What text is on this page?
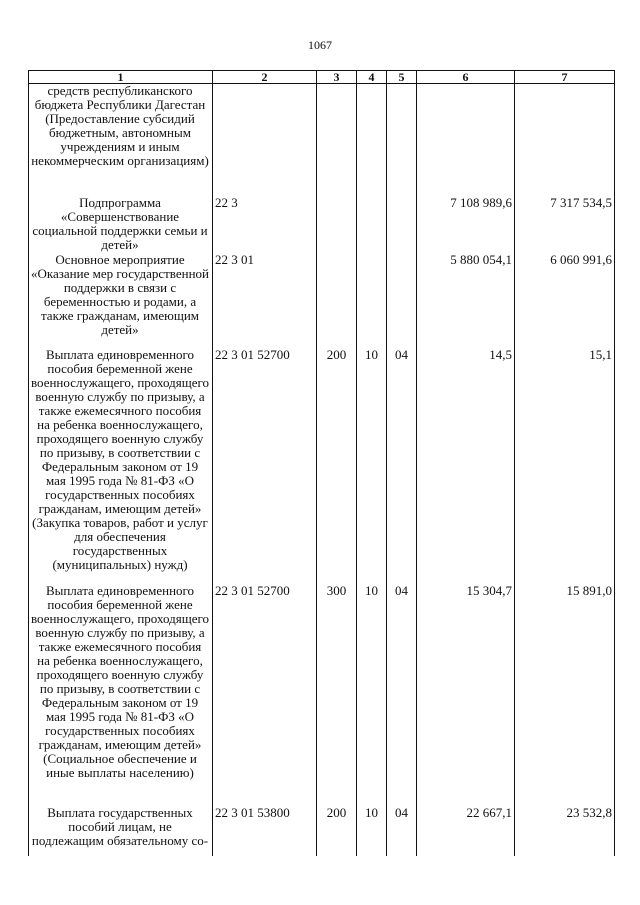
1067
1	2	3	4	5	6	7
средств республиканского бюджета Республики Дагестан (Предоставление субсидий бюджетным, автономным учреждениям и иным некоммерческим организациям)						
Подпрограмма «Совершенствование социальной поддержки семьи и детей»	22 3				7 108 989,6	7 317 534,5
Основное мероприятие «Оказание мер государственной поддержки в связи с беременностью и родами, а также гражданам, имеющим детей»	22 3 01				5 880 054,1	6 060 991,6
Выплата единовременного пособия беременной жене военнослужащего, проходящего военную службу по призыву, а также ежемесячного пособия на ребенка военнослужащего, проходящего военную службу по призыву, в соответствии с Федеральным законом от 19 мая 1995 года № 81-ФЗ «О государственных пособиях гражданам, имеющим детей» (Закупка товаров, работ и услуг для обеспечения государственных (муниципальных) нужд)	22 3 01 52700	200	10	04	14,5	15,1
Выплата единовременного пособия беременной жене военнослужащего, проходящего военную службу по призыву, а также ежемесячного пособия на ребенка военнослужащего, проходящего военную службу по призыву, в соответствии с Федеральным законом от 19 мая 1995 года № 81-ФЗ «О государственных пособиях гражданам, имеющим детей» (Социальное обеспечение и иные выплаты населению)	22 3 01 52700	300	10	04	15 304,7	15 891,0
Выплата государственных пособий лицам, не подлежащим обязательному со-	22 3 01 53800	200	10	04	22 667,1	23 532,8
